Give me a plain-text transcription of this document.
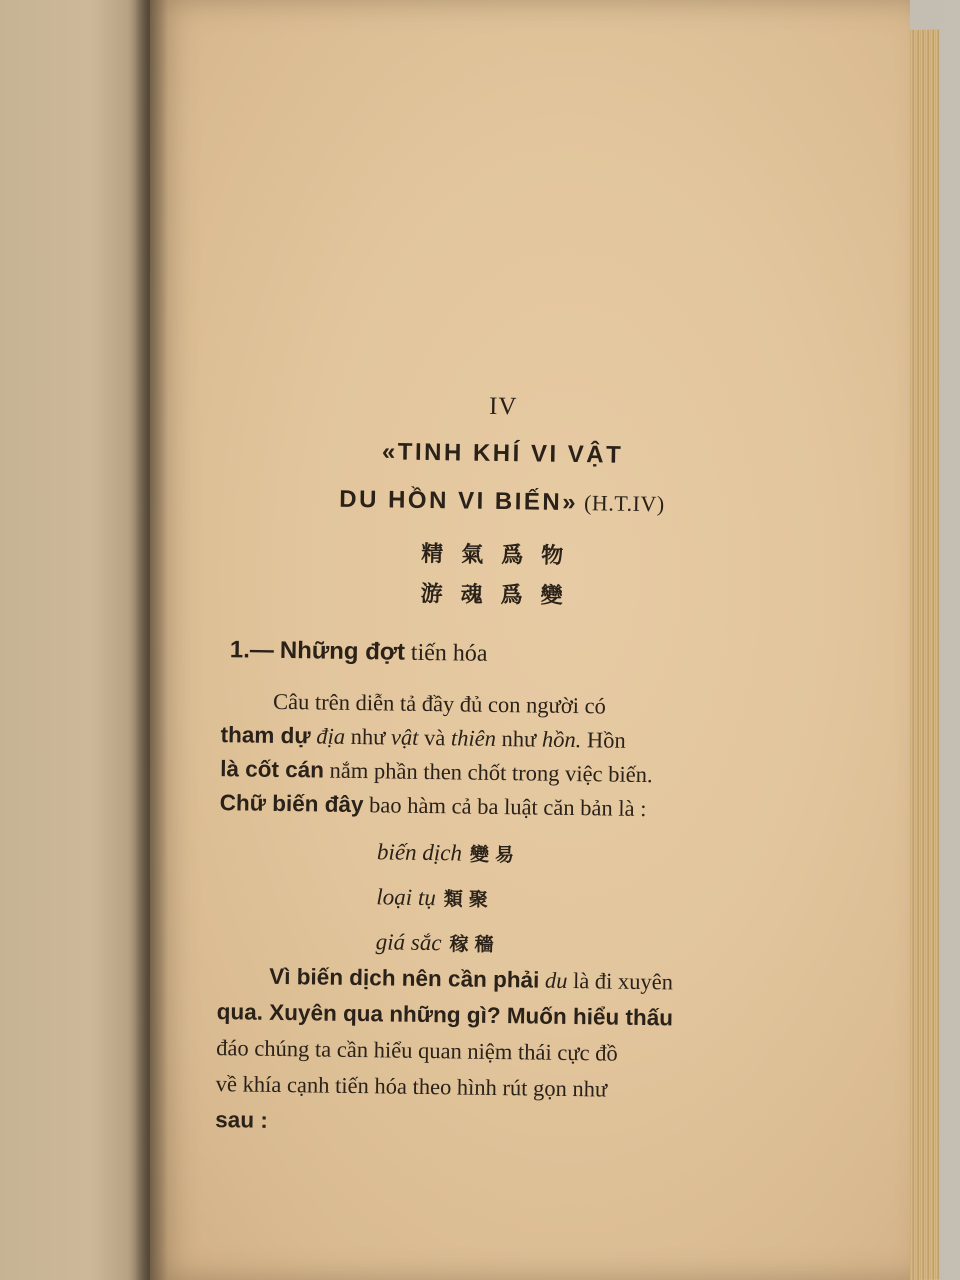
IV
«TINH KHÍ VI VẬT
DU HỒN VI BIẾN» (H.T.IV)
精氣爲物
游魂爲變
1.— Những đợt tiến hóa
Câu trên diễn tả đầy đủ con người có
tham dự địa như vật và thiên như hồn. Hồn
là cốt cán nắm phần then chốt trong việc biến.
Chữ biến đây bao hàm cả ba luật căn bản là :
biến dịch 變易
loại tụ 類聚
giá sắc 稼穡
Vì biến dịch nên cần phải du là đi xuyên
qua. Xuyên qua những gì? Muốn hiểu thấu
đáo chúng ta cần hiểu quan niệm thái cực đồ
về khía cạnh tiến hóa theo hình rút gọn như
sau :
